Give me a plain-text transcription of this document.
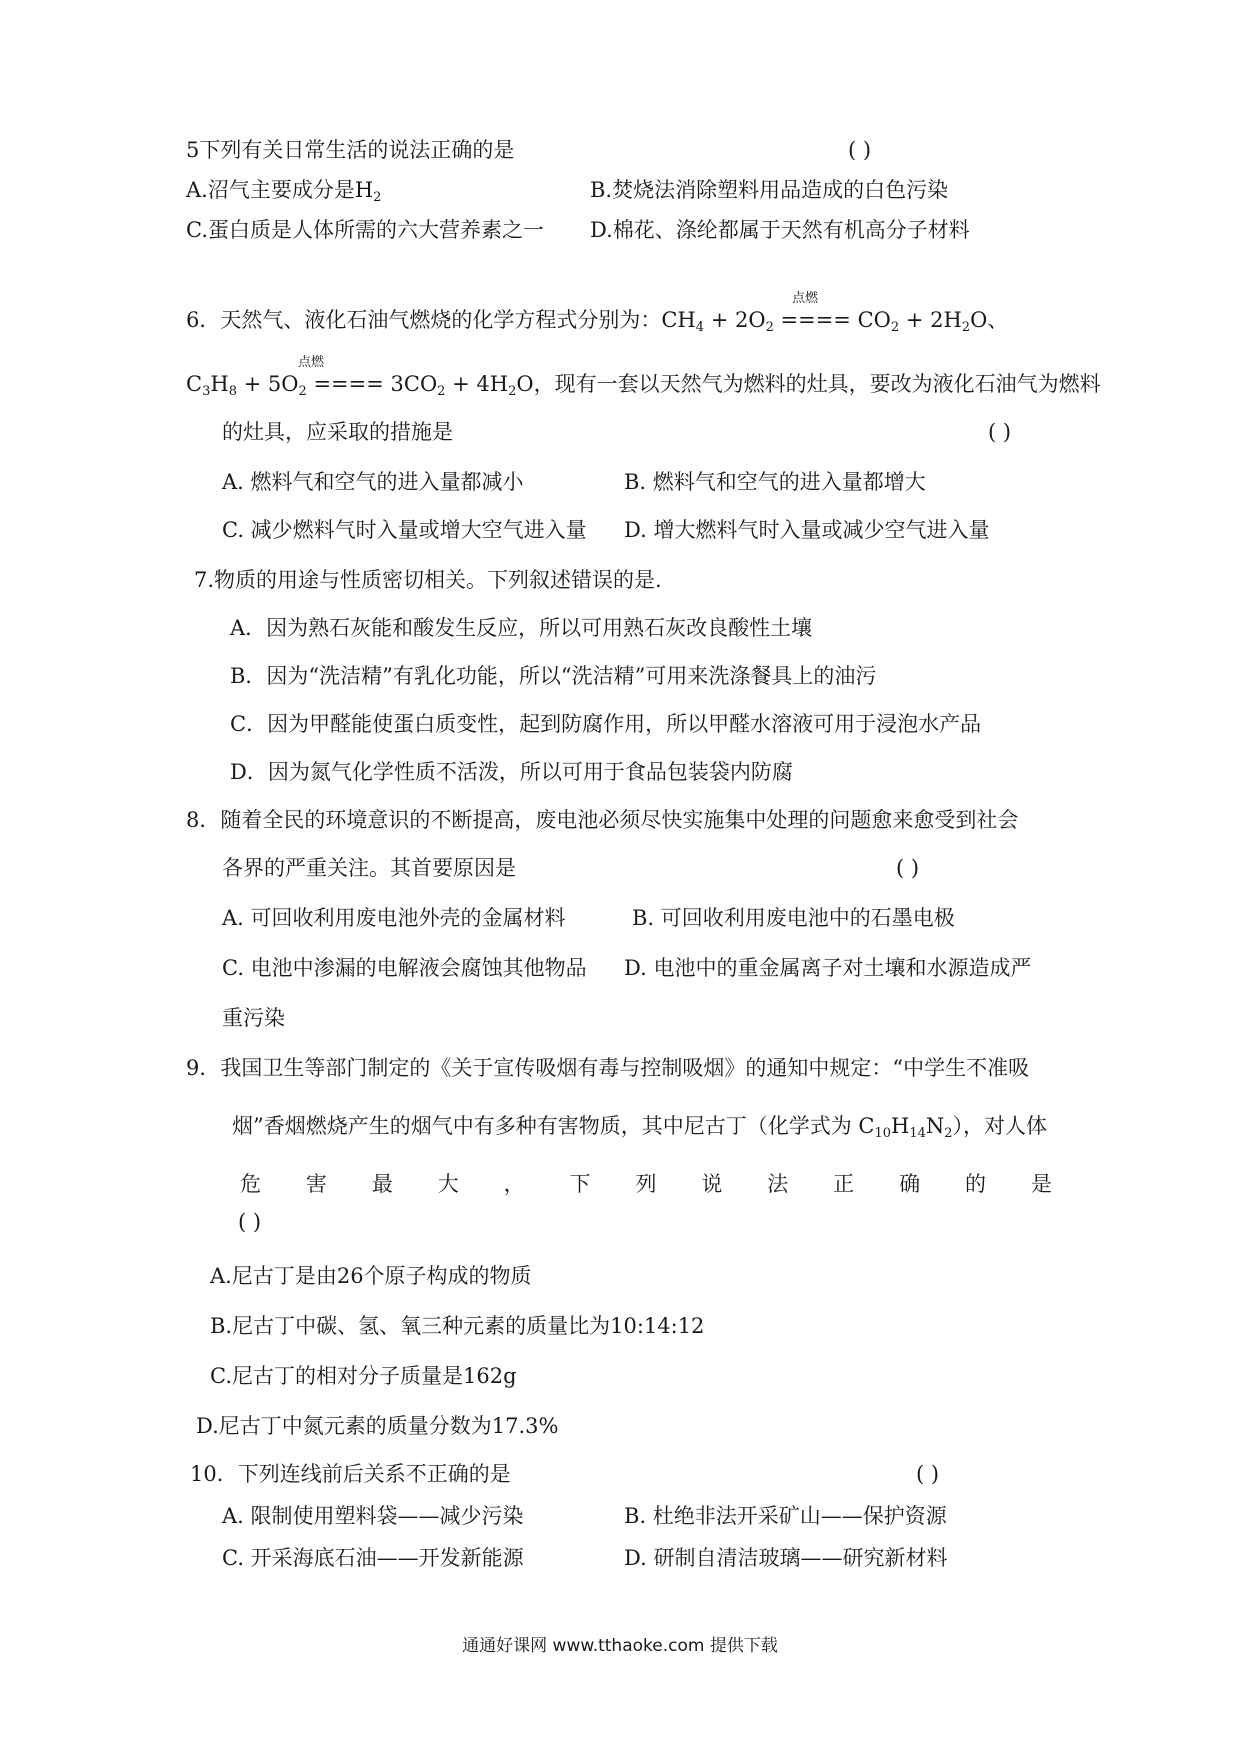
5下列有关日常生活的说法正确的是	( )
A.沼气主要成分是$H_2$	B.焚烧法消除塑料用品造成的白色污染
C.蛋白质是人体所需的六大营养素之一 D.棉花、涤纶都属于天然有机高分子材料
6．天然气、液化石油气燃烧的化学方程式分别为：$CH_4 + 2O_2$ ==== $CO_2 + 2H_2O$、
点燃
$C_3H_8 + 5O_2$ ==== $3CO_2 + 4H_2O$，现有一套以天然气为燃料的灶具，要改为液化石油气为燃料
点燃
的灶具，应采取的措施是	( )
A. 燃料气和空气的进入量都减小	B. 燃料气和空气的进入量都增大
C. 减少燃料气时入量或增大空气进入量 D. 增大燃料气时入量或减少空气进入量
7.物质的用途与性质密切相关。下列叙述错误的是.
A．因为熟石灰能和酸发生反应，所以可用熟石灰改良酸性土壤
B．因为“洗洁精”有乳化功能，所以“洗洁精”可用来洗涤餐具上的油污
C．因为甲醛能使蛋白质变性，起到防腐作用，所以甲醛水溶液可用于浸泡水产品
D．因为氮气化学性质不活泼，所以可用于食品包装袋内防腐
8．随着全民的环境意识的不断提高，废电池必须尽快实施集中处理的问题愈来愈受到社会
各界的严重关注。其首要原因是	( )
A. 可回收利用废电池外壳的金属材料	B. 可回收利用废电池中的石墨电极
C. 电池中渗漏的电解液会腐蚀其他物品 D. 电池中的重金属离子对土壤和水源造成严
重污染
9．我国卫生等部门制定的《关于宣传吸烟有毒与控制吸烟》的通知中规定：“中学生不准吸
烟”香烟燃烧产生的烟气中有多种有害物质，其中尼古丁（化学式为 $C_{10}H_{14}N_2$），对人体
危 害 最 大 ， 下 列 说 法 正 确 的 是
( )
A.尼古丁是由26个原子构成的物质
B.尼古丁中碳、氢、氧三种元素的质量比为10:14:12
C.尼古丁的相对分子质量是162g
D.尼古丁中氮元素的质量分数为17.3%
10．下列连线前后关系不正确的是	( )
A. 限制使用塑料袋——减少污染	B. 杜绝非法开采矿山——保护资源
C. 开采海底石油——开发新能源	D. 研制自清洁玻璃——研究新材料
通通好课网 www.tthaoke.com 提供下载
